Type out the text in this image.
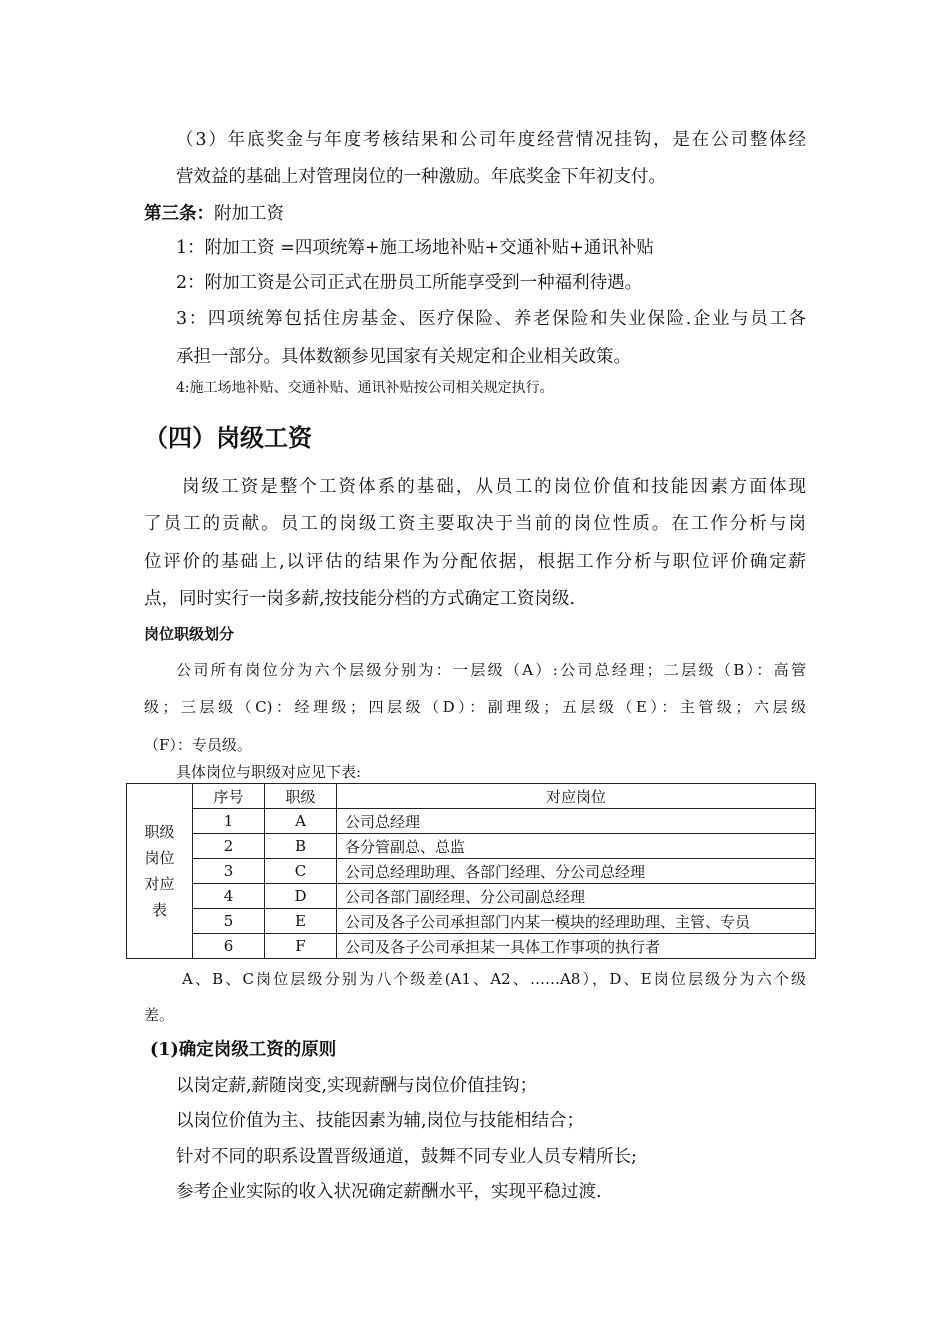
（3）年底奖金与年度考核结果和公司年度经营情况挂钩，是在公司整体经
营效益的基础上对管理岗位的一种激励。年底奖金下年初支付。
第三条：附加工资
1：附加工资 =四项统筹+施工场地补贴+交通补贴+通讯补贴
2：附加工资是公司正式在册员工所能享受到一种福利待遇。
3：四项统筹包括住房基金、医疗保险、养老保险和失业保险.企业与员工各
承担一部分。具体数额参见国家有关规定和企业相关政策。
4:施工场地补贴、交通补贴、通讯补贴按公司相关规定执行。
（四）岗级工资
岗级工资是整个工资体系的基础，从员工的岗位价值和技能因素方面体现
了员工的贡献。员工的岗级工资主要取决于当前的岗位性质。在工作分析与岗
位评价的基础上,以评估的结果作为分配依据，根据工作分析与职位评价确定薪
点，同时实行一岗多薪,按技能分档的方式确定工资岗级.
岗位职级划分
公司所有岗位分为六个层级分别为：一层级（A）:公司总经理；二层级（B）：高管
级；三层级（C)：经理级；四层级（D）：副理级；五层级（E）：主管级；六层级
（F）：专员级。
具体岗位与职级对应见下表:
职级
岗位
对应
表	序号	职级	对应岗位
	1	A	公司总经理
	2	B	各分管副总、总监
	3	C	公司总经理助理、各部门经理、分公司总经理
	4	D	公司各部门副经理、分公司副总经理
	5	E	公司及各子公司承担部门内某一模块的经理助理、主管、专员
	6	F	公司及各子公司承担某一具体工作事项的执行者
A、B、C岗位层级分别为八个级差(A1、A2、……A8），D、E岗位层级分为六个级
差。
(1)确定岗级工资的原则
以岗定薪,薪随岗变,实现薪酬与岗位价值挂钩；
以岗位价值为主、技能因素为辅,岗位与技能相结合；
针对不同的职系设置晋级通道，鼓舞不同专业人员专精所长;
参考企业实际的收入状况确定薪酬水平，实现平稳过渡.
